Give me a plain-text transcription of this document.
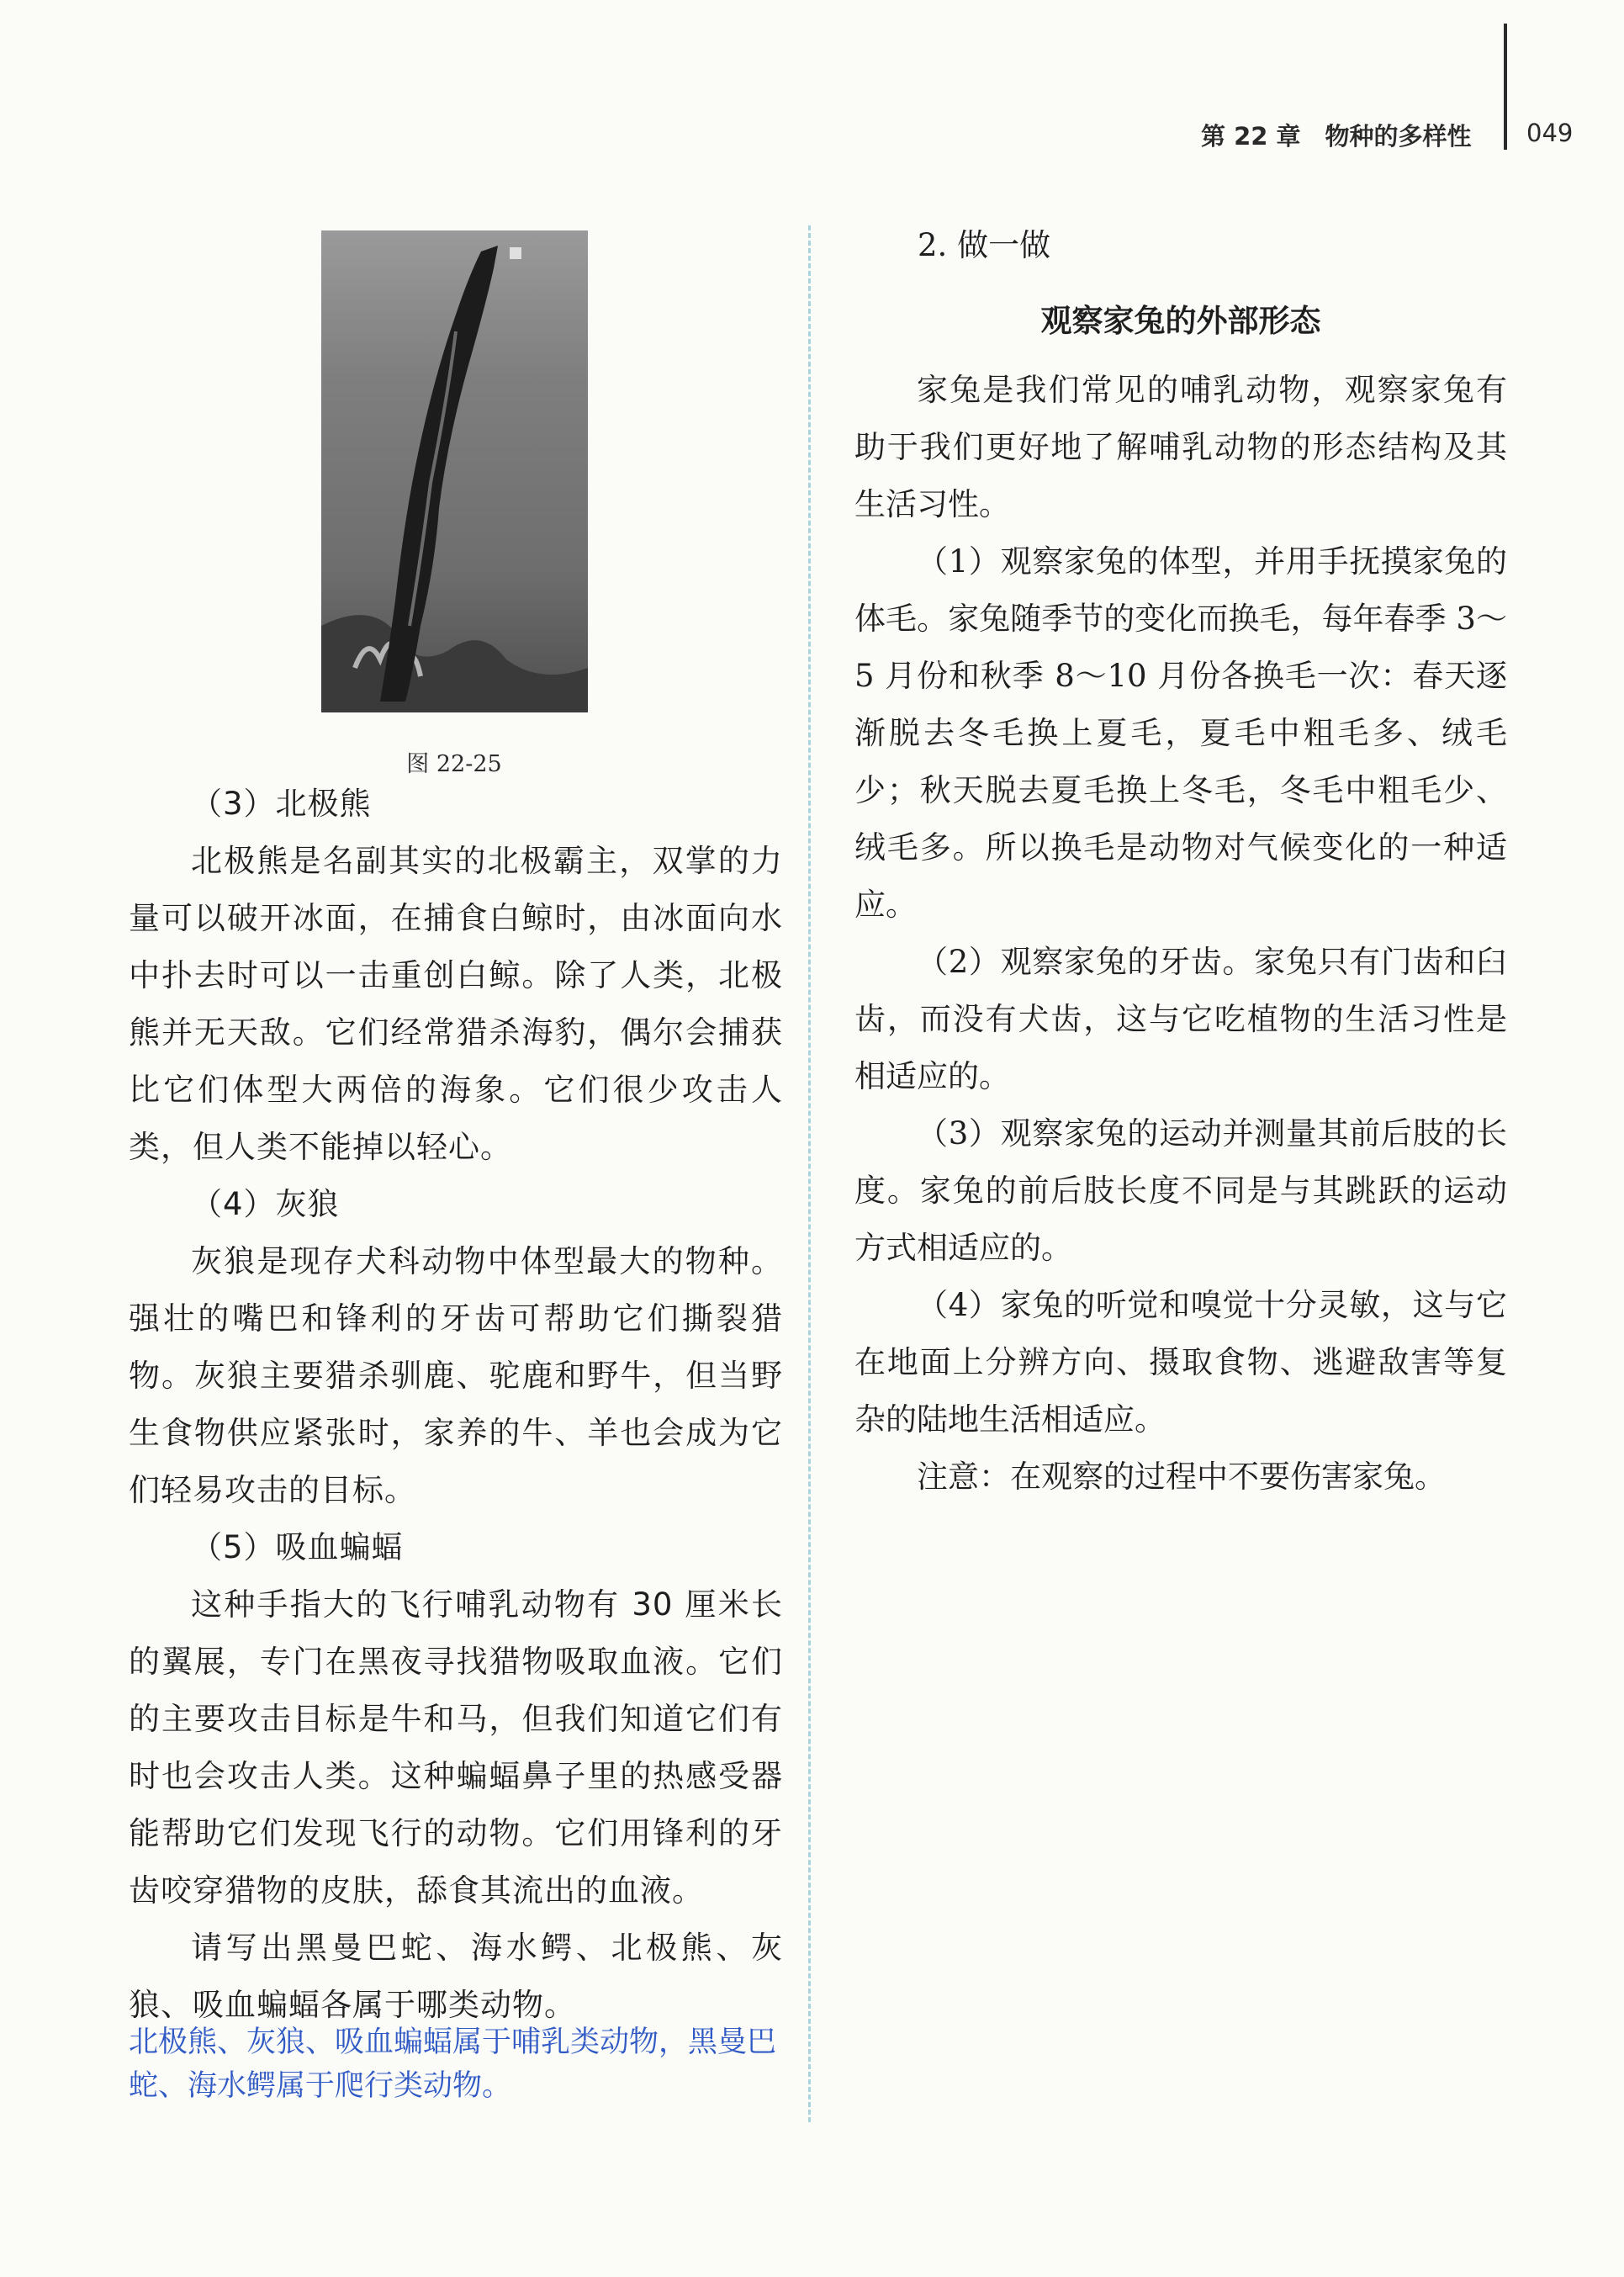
第 22 章　物种的多样性 049
图 22-25

（3）北极熊

北极熊是名副其实的北极霸主，双掌的力量可以破开冰面，在捕食白鲸时，由冰面向水中扑去时可以一击重创白鲸。除了人类，北极熊并无天敌。它们经常猎杀海豹，偶尔会捕获比它们体型大两倍的海象。它们很少攻击人类，但人类不能掉以轻心。

（4）灰狼

灰狼是现存犬科动物中体型最大的物种。强壮的嘴巴和锋利的牙齿可帮助它们撕裂猎物。灰狼主要猎杀驯鹿、驼鹿和野牛，但当野生食物供应紧张时，家养的牛、羊也会成为它们轻易攻击的目标。

（5）吸血蝙蝠

这种手指大的飞行哺乳动物有 30 厘米长的翼展，专门在黑夜寻找猎物吸取血液。它们的主要攻击目标是牛和马，但我们知道它们有时也会攻击人类。这种蝙蝠鼻子里的热感受器能帮助它们发现飞行的动物。它们用锋利的牙齿咬穿猎物的皮肤，舔食其流出的血液。

请写出黑曼巴蛇、海水鳄、北极熊、灰狼、吸血蝙蝠各属于哪类动物。

北极熊、灰狼、吸血蝙蝠属于哺乳类动物，黑曼巴蛇、海水鳄属于爬行类动物。

2. 做一做

观察家兔的外部形态

家兔是我们常见的哺乳动物，观察家兔有助于我们更好地了解哺乳动物的形态结构及其生活习性。

（1）观察家兔的体型，并用手抚摸家兔的体毛。家兔随季节的变化而换毛，每年春季 3～5 月份和秋季 8～10 月份各换毛一次：春天逐渐脱去冬毛换上夏毛，夏毛中粗毛多、绒毛少；秋天脱去夏毛换上冬毛，冬毛中粗毛少、绒毛多。所以换毛是动物对气候变化的一种适应。

（2）观察家兔的牙齿。家兔只有门齿和臼齿，而没有犬齿，这与它吃植物的生活习性是相适应的。

（3）观察家兔的运动并测量其前后肢的长度。家兔的前后肢长度不同是与其跳跃的运动方式相适应的。

（4）家兔的听觉和嗅觉十分灵敏，这与它在地面上分辨方向、摄取食物、逃避敌害等复杂的陆地生活相适应。

注意：在观察的过程中不要伤害家兔。
